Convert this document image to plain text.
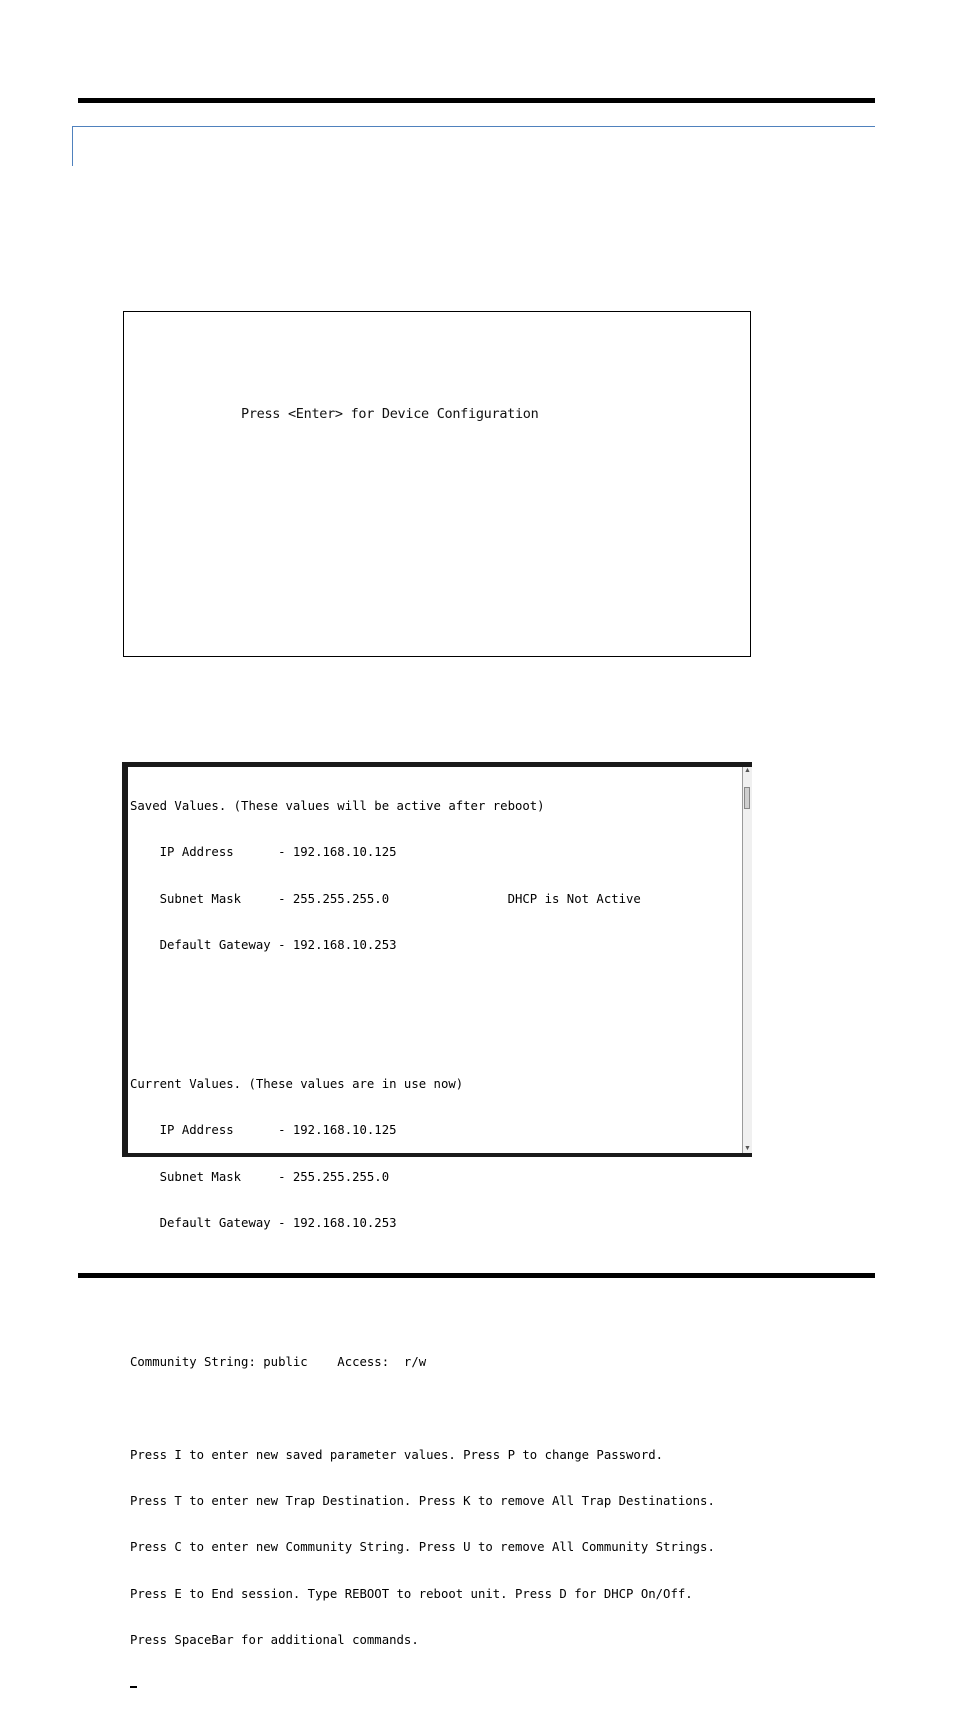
Press <Enter> for Device Configuration

Saved Values. (These values will be active after reboot)

IP Address      - 192.168.10.125

Subnet Mask     - 255.255.255.0                DHCP is Not Active

Default Gateway - 192.168.10.253

Current Values. (These values are in use now)

IP Address      - 192.168.10.125

Subnet Mask     - 255.255.255.0

Default Gateway - 192.168.10.253

Community String: public    Access:  r/w

Press I to enter new saved parameter values. Press P to change Password.

Press T to enter new Trap Destination. Press K to remove All Trap Destinations.

Press C to enter new Community String. Press U to remove All Community Strings.

Press E to End session. Type REBOOT to reboot unit. Press D for DHCP On/Off.

Press SpaceBar for additional commands.

▲
▼
